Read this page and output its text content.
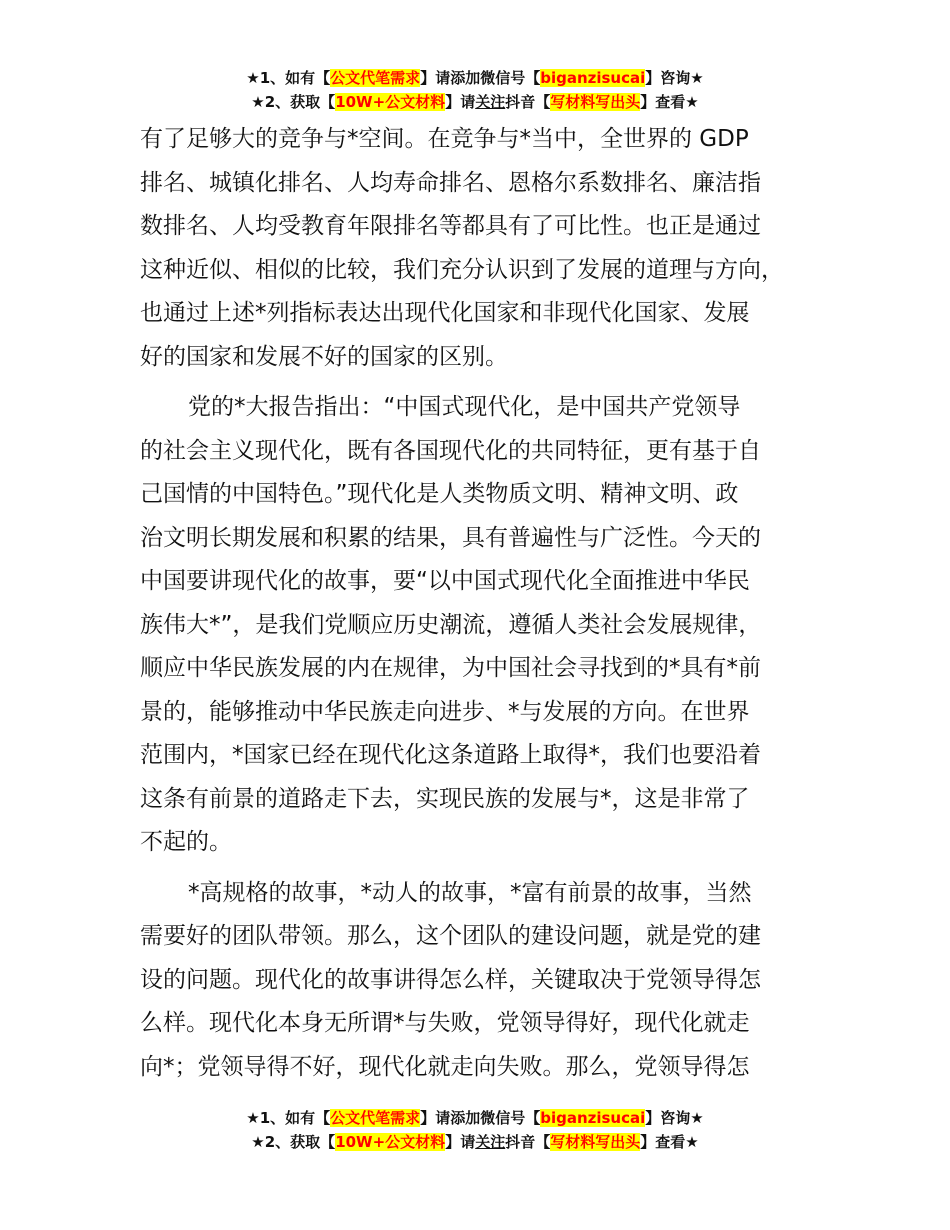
★1、如有【公文代笔需求】请添加微信号【biganzisucai】咨询★
★2、获取【10W+公文材料】请关注抖音【写材料写出头】查看★

有了足够大的竞争与*空间。在竞争与*当中，全世界的 GDP
排名、城镇化排名、人均寿命排名、恩格尔系数排名、廉洁指
数排名、人均受教育年限排名等都具有了可比性。也正是通过
这种近似、相似的比较，我们充分认识到了发展的道理与方向，
也通过上述*列指标表达出现代化国家和非现代化国家、发展
好的国家和发展不好的国家的区别。

党的*大报告指出：“中国式现代化，是中国共产党领导
的社会主义现代化，既有各国现代化的共同特征，更有基于自
己国情的中国特色。”现代化是人类物质文明、精神文明、政
治文明长期发展和积累的结果，具有普遍性与广泛性。今天的
中国要讲现代化的故事，要“以中国式现代化全面推进中华民
族伟大*”，是我们党顺应历史潮流，遵循人类社会发展规律，
顺应中华民族发展的内在规律，为中国社会寻找到的*具有*前
景的，能够推动中华民族走向进步、*与发展的方向。在世界
范围内，*国家已经在现代化这条道路上取得*，我们也要沿着
这条有前景的道路走下去，实现民族的发展与*，这是非常了
不起的。

*高规格的故事，*动人的故事，*富有前景的故事，当然
需要好的团队带领。那么，这个团队的建设问题，就是党的建
设的问题。现代化的故事讲得怎么样，关键取决于党领导得怎
么样。现代化本身无所谓*与失败，党领导得好，现代化就走
向*；党领导得不好，现代化就走向失败。那么，党领导得怎

★1、如有【公文代笔需求】请添加微信号【biganzisucai】咨询★
★2、获取【10W+公文材料】请关注抖音【写材料写出头】查看★
